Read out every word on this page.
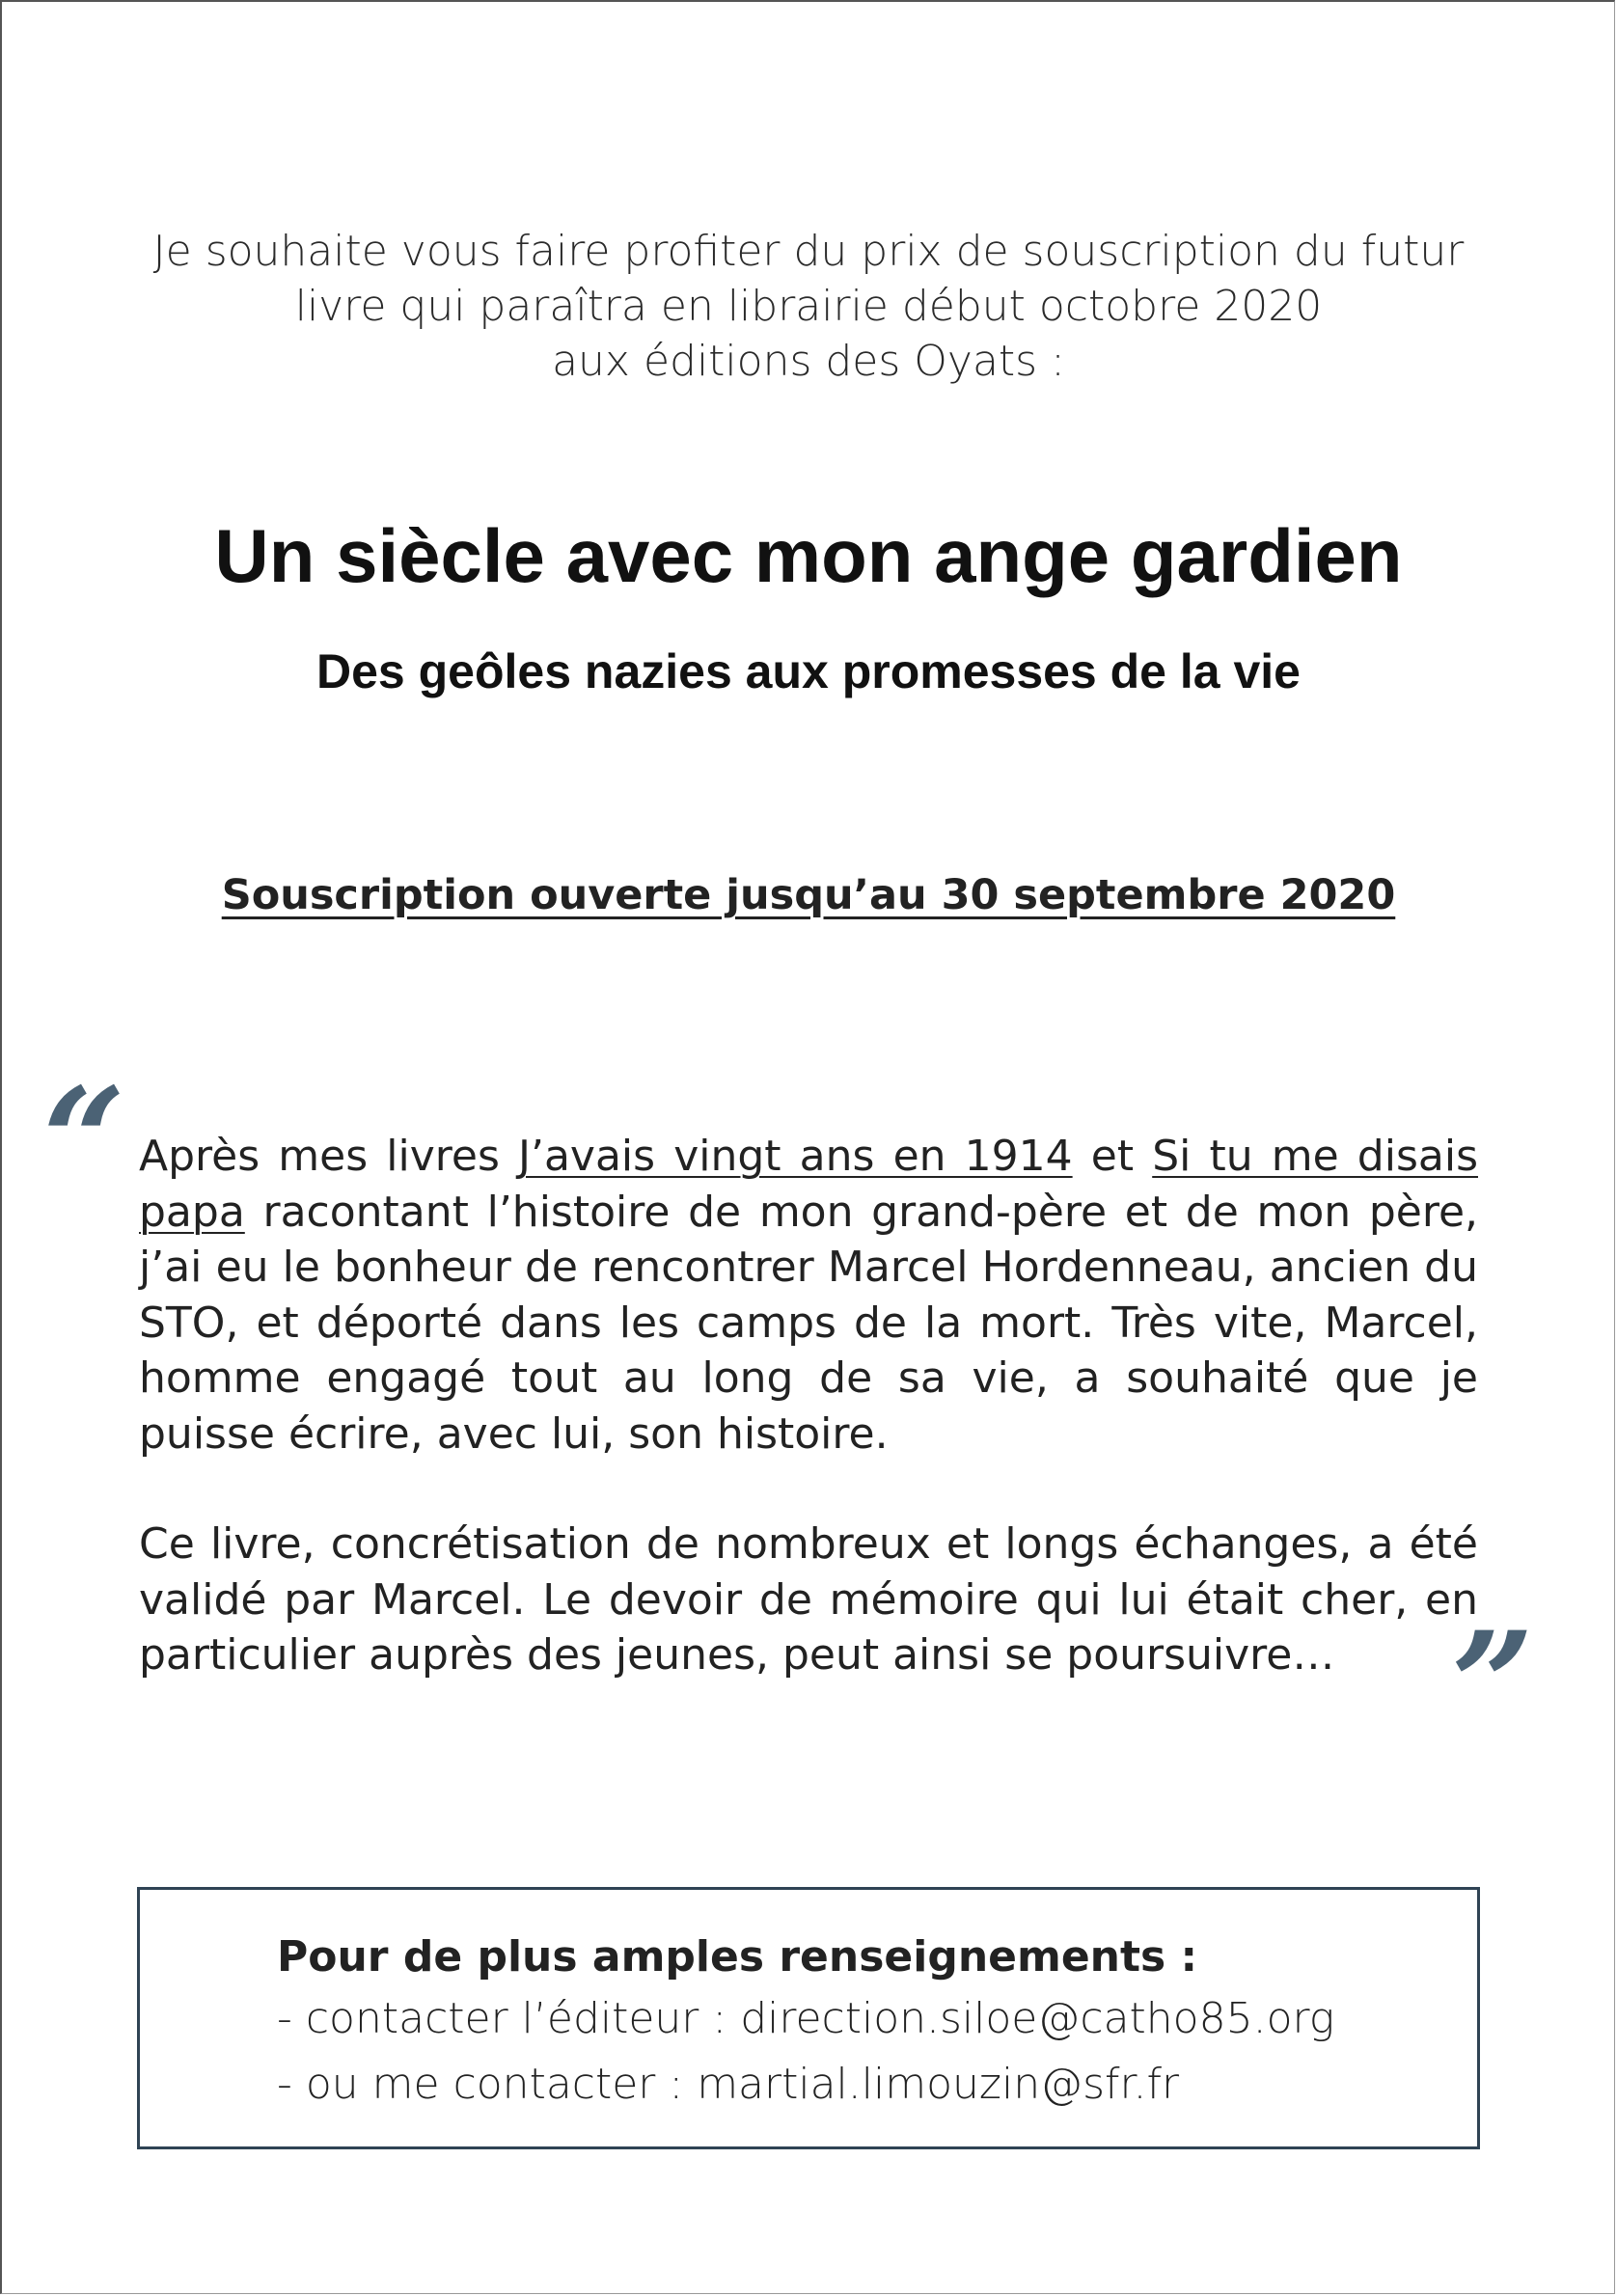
Je souhaite vous faire profiter du prix de souscription du futur
livre qui paraîtra en librairie début octobre 2020
aux éditions des Oyats :
Un siècle avec mon ange gardien
Des geôles nazies aux promesses de la vie
Souscription ouverte jusqu’au 30 septembre 2020
“ Après mes livres J’avais vingt ans en 1914 et Si tu me disais papa racontant l’histoire de mon grand-père et de mon père, j’ai eu le bonheur de rencontrer Marcel Hordenneau, ancien du STO, et déporté dans les camps de la mort. Très vite, Marcel, homme engagé tout au long de sa vie, a souhaité que je puisse écrire, avec lui, son histoire.

Ce livre, concrétisation de nombreux et longs échanges, a été validé par Marcel. Le devoir de mémoire qui lui était cher, en particulier auprès des jeunes, peut ainsi se poursuivre… ”
Pour de plus amples renseignements :
- contacter l’éditeur : direction.siloe@catho85.org
- ou me contacter : martial.limouzin@sfr.fr
